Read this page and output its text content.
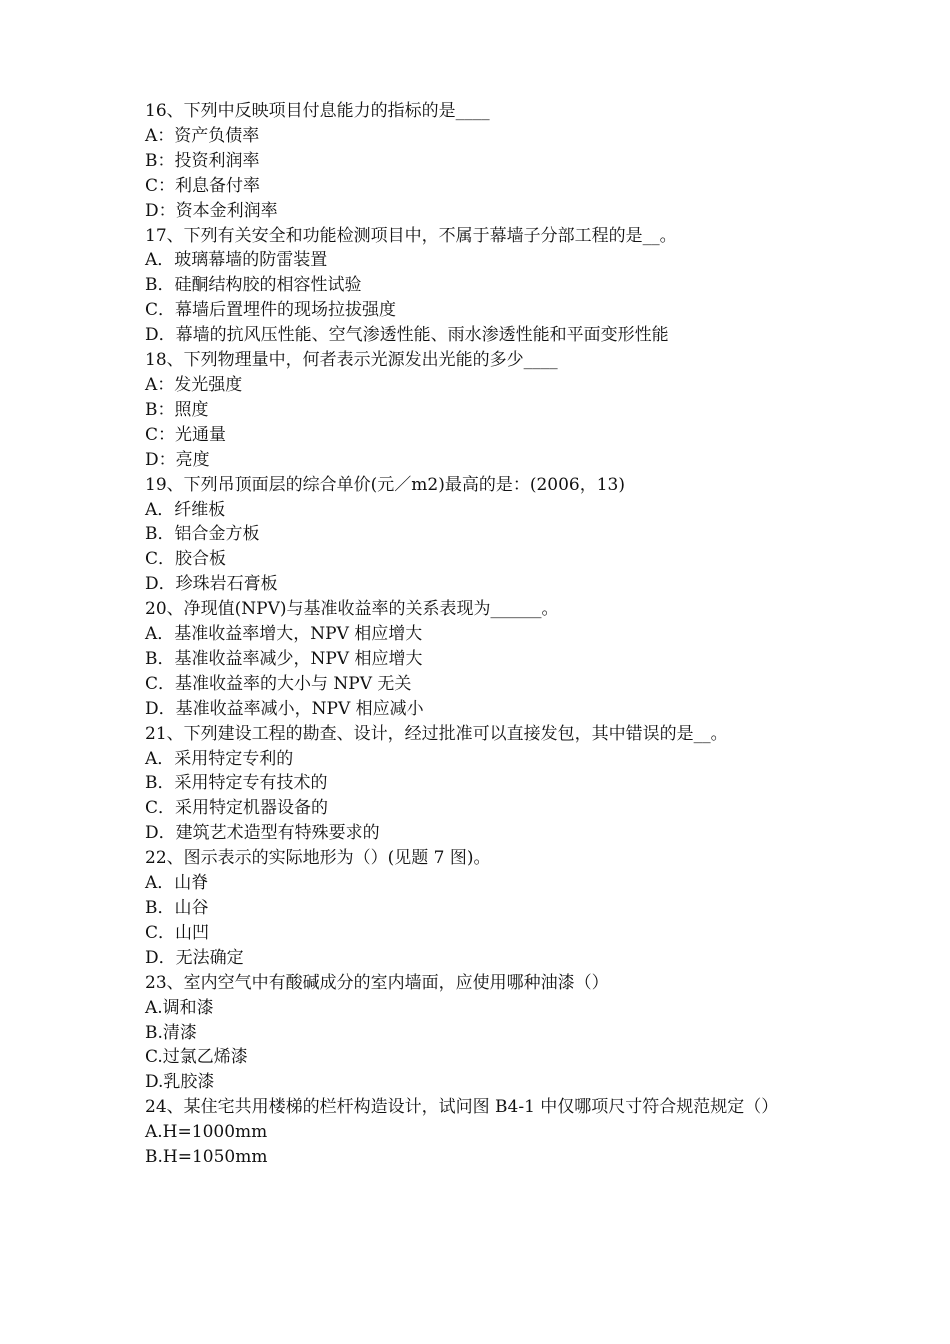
16、下列中反映项目付息能力的指标的是____
A：资产负债率
B：投资利润率
C：利息备付率
D：资本金利润率
17、下列有关安全和功能检测项目中，不属于幕墙子分部工程的是__。
A．玻璃幕墙的防雷装置
B．硅酮结构胶的相容性试验
C．幕墙后置埋件的现场拉拔强度
D．幕墙的抗风压性能、空气渗透性能、雨水渗透性能和平面变形性能
18、下列物理量中，何者表示光源发出光能的多少____
A：发光强度
B：照度
C：光通量
D：亮度
19、下列吊顶面层的综合单价(元／m2)最高的是：(2006，13)
A．纤维板
B．铝合金方板
C．胶合板
D．珍珠岩石膏板
20、净现值(NPV)与基准收益率的关系表现为______。
A．基准收益率增大，NPV 相应增大
B．基准收益率减少，NPV 相应增大
C．基准收益率的大小与 NPV 无关
D．基准收益率减小，NPV 相应减小
21、下列建设工程的勘查、设计，经过批准可以直接发包，其中错误的是__。
A．采用特定专利的
B．采用特定专有技术的
C．采用特定机器设备的
D．建筑艺术造型有特殊要求的
22、图示表示的实际地形为（）(见题 7 图)。
A．山脊
B．山谷
C．山凹
D．无法确定
23、室内空气中有酸碱成分的室内墙面，应使用哪种油漆（）
A.调和漆
B.清漆
C.过氯乙烯漆
D.乳胶漆
24、某住宅共用楼梯的栏杆构造设计，试问图 B4-1 中仅哪项尺寸符合规范规定（）
A.H=1000mm
B.H=1050mm
